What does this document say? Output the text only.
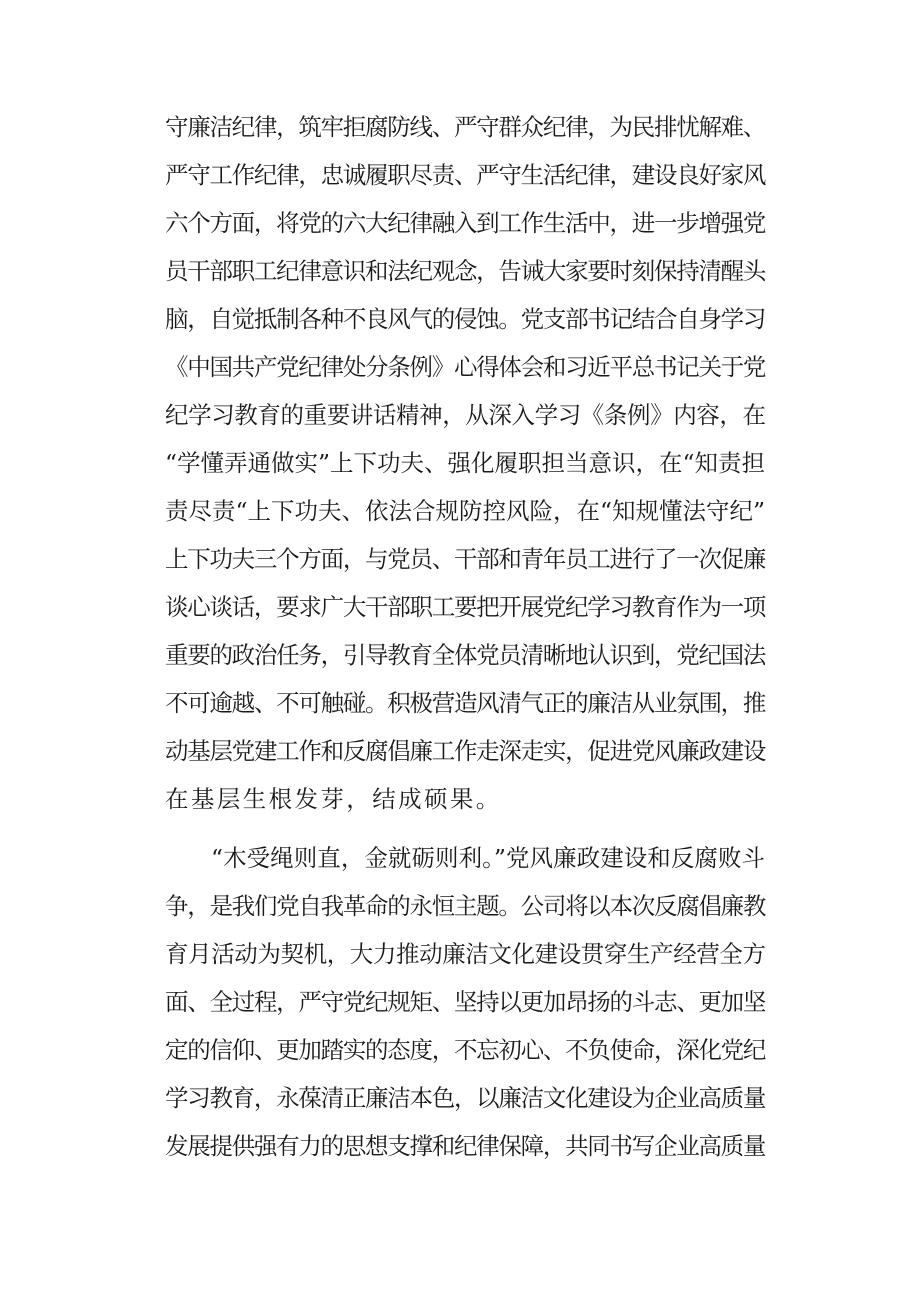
守廉洁纪律，筑牢拒腐防线、严守群众纪律，为民排忧解难、
严守工作纪律，忠诚履职尽责、严守生活纪律，建设良好家风
六个方面，将党的六大纪律融入到工作生活中，进一步增强党
员干部职工纪律意识和法纪观念，告诫大家要时刻保持清醒头
脑，自觉抵制各种不良风气的侵蚀。党支部书记结合自身学习
《中国共产党纪律处分条例》心得体会和习近平总书记关于党
纪学习教育的重要讲话精神，从深入学习《条例》内容，在
“学懂弄通做实”上下功夫、强化履职担当意识，在“知责担
责尽责“上下功夫、依法合规防控风险，在“知规懂法守纪”
上下功夫三个方面，与党员、干部和青年员工进行了一次促廉
谈心谈话，要求广大干部职工要把开展党纪学习教育作为一项
重要的政治任务，引导教育全体党员清晰地认识到，党纪国法
不可逾越、不可触碰。积极营造风清气正的廉洁从业氛围，推
动基层党建工作和反腐倡廉工作走深走实，促进党风廉政建设
在基层生根发芽，结成硕果。
“木受绳则直，金就砺则利。”党风廉政建设和反腐败斗
争，是我们党自我革命的永恒主题。公司将以本次反腐倡廉教
育月活动为契机，大力推动廉洁文化建设贯穿生产经营全方
面、全过程，严守党纪规矩、坚持以更加昂扬的斗志、更加坚
定的信仰、更加踏实的态度，不忘初心、不负使命，深化党纪
学习教育，永葆清正廉洁本色，以廉洁文化建设为企业高质量
发展提供强有力的思想支撑和纪律保障，共同书写企业高质量
